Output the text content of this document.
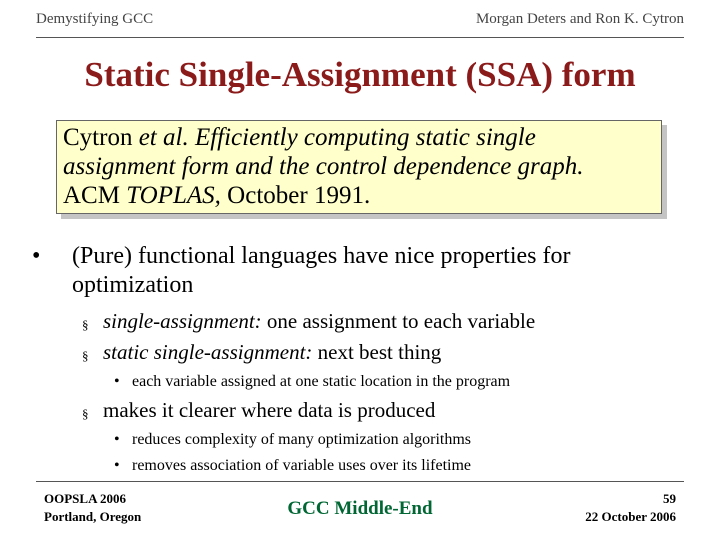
Demystifying GCC	Morgan Deters and Ron K. Cytron
Static Single-Assignment (SSA) form
Cytron et al. Efficiently computing static single
assignment form and the control dependence graph.
ACM TOPLAS, October 1991.
• (Pure) functional languages have nice properties for optimization
§ single-assignment: one assignment to each variable
§ static single-assignment: next best thing
• each variable assigned at one static location in the program
§ makes it clearer where data is produced
• reduces complexity of many optimization algorithms
• removes association of variable uses over its lifetime
OOPSLA 2006
Portland, Oregon	GCC Middle-End	59
22 October 2006
